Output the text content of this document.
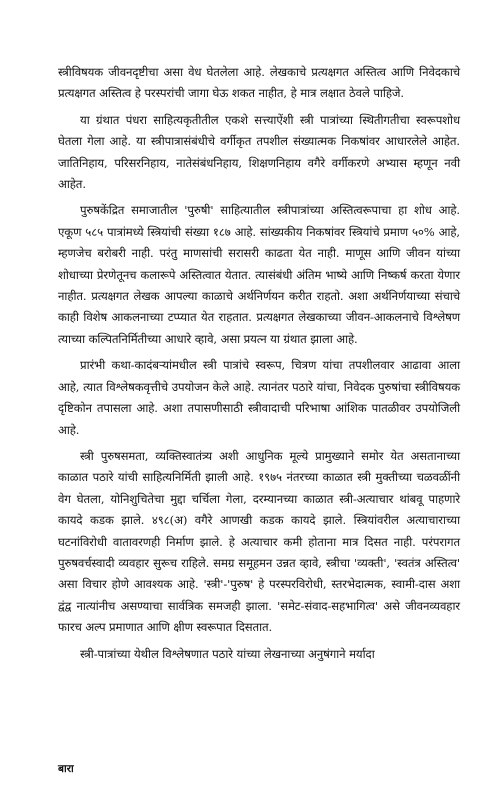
स्त्रीविषयक जीवनदृष्टीचा असा वेध घेतलेला आहे. लेखकाचे प्रत्यक्षगत अस्तित्व आणि निवेदकाचे प्रत्यक्षगत अस्तित्व हे परस्परांची जागा घेऊ शकत नाहीत, हे मात्र लक्षात ठेवले पाहिजे.

या ग्रंथात पंधरा साहित्यकृतीतील एकशे सत्त्याऐंशी स्त्री पात्रांच्या स्थितीगतीचा स्वरूपशोध घेतला गेला आहे. या स्त्रीपात्रासंबंधीचे वर्गीकृत तपशील संख्यात्मक निकषांवर आधारलेले आहेत. जातिनिहाय, परिसरनिहाय, नातेसंबंधनिहाय, शिक्षणनिहाय वगैरे वर्गीकरणे अभ्यास म्हणून नवी आहेत.

पुरुषकेंद्रित समाजातील 'पुरुषी' साहित्यातील स्त्रीपात्रांच्या अस्तित्वरूपाचा हा शोध आहे. एकूण ५८५ पात्रांमध्ये स्त्रियांची संख्या १८७ आहे. सांख्यकीय निकषांवर स्त्रियांचे प्रमाण ५०% आहे, म्हणजेच बरोबरी नाही. परंतु माणसांची सरासरी काढता येत नाही. माणूस आणि जीवन यांच्या शोधाच्या प्रेरणेतूनच कलारूपे अस्तित्वात येतात. त्यासंबंधी अंतिम भाष्ये आणि निष्कर्ष करता येणार नाहीत. प्रत्यक्षगत लेखक आपल्या काळाचे अर्थनिर्णयन करीत राहतो. अशा अर्थनिर्णयाच्या संचाचे काही विशेष आकलनाच्या टप्प्यात येत राहतात. प्रत्यक्षगत लेखकाच्या जीवन-आकलनाचे विश्लेषण त्याच्या कल्पितनिर्मितीच्या आधारे व्हावे, असा प्रयत्न या ग्रंथात झाला आहे.

प्रारंभी कथा-कादंबऱ्यांमधील स्त्री पात्रांचे स्वरूप, चित्रण यांचा तपशीलवार आढावा आला आहे, त्यात विश्लेषकवृत्तीचे उपयोजन केले आहे. त्यानंतर पठारे यांचा, निवेदक पुरुषांचा स्त्रीविषयक दृष्टिकोन तपासला आहे. अशा तपासणीसाठी स्त्रीवादाची परिभाषा आंशिक पातळीवर उपयोजिली आहे.

स्त्री पुरुषसमता, व्यक्तिस्वातंत्र्य अशी आधुनिक मूल्ये प्रामुख्याने समोर येत असतानाच्या काळात पठारे यांची साहित्यनिर्मिती झाली आहे. १९७५ नंतरच्या काळात स्त्री मुक्तीच्या चळवळींनी वेग घेतला, योनिशुचितेचा मुद्दा चर्चिला गेला, दरम्यानच्या काळात स्त्री-अत्याचार थांबवू पाहणारे कायदे कडक झाले. ४९८(अ) वगैरे आणखी कडक कायदे झाले. स्त्रियांवरील अत्याचाराच्या घटनांविरोधी वातावरणही निर्माण झाले. हे अत्याचार कमी होताना मात्र दिसत नाही. परंपरागत पुरुषवर्चस्वादी व्यवहार सुरूच राहिले. समग्र समूहमन उन्नत व्हावे, स्त्रीचा 'व्यक्ती', 'स्वतंत्र अस्तित्व' असा विचार होणे आवश्यक आहे. 'स्त्री'-'पुरुष' हे परस्परविरोधी, स्तरभेदात्मक, स्वामी-दास अशा द्वंद्व नात्यांनीच असण्याचा सार्वत्रिक समजही झाला. 'समेट-संवाद-सहभागित्व' असे जीवनव्यवहार फारच अल्प प्रमाणात आणि क्षीण स्वरूपात दिसतात.

स्त्री-पात्रांच्या येथील विश्लेषणात पठारे यांच्या लेखनाच्या अनुषंगाने मर्यादा

बारा
